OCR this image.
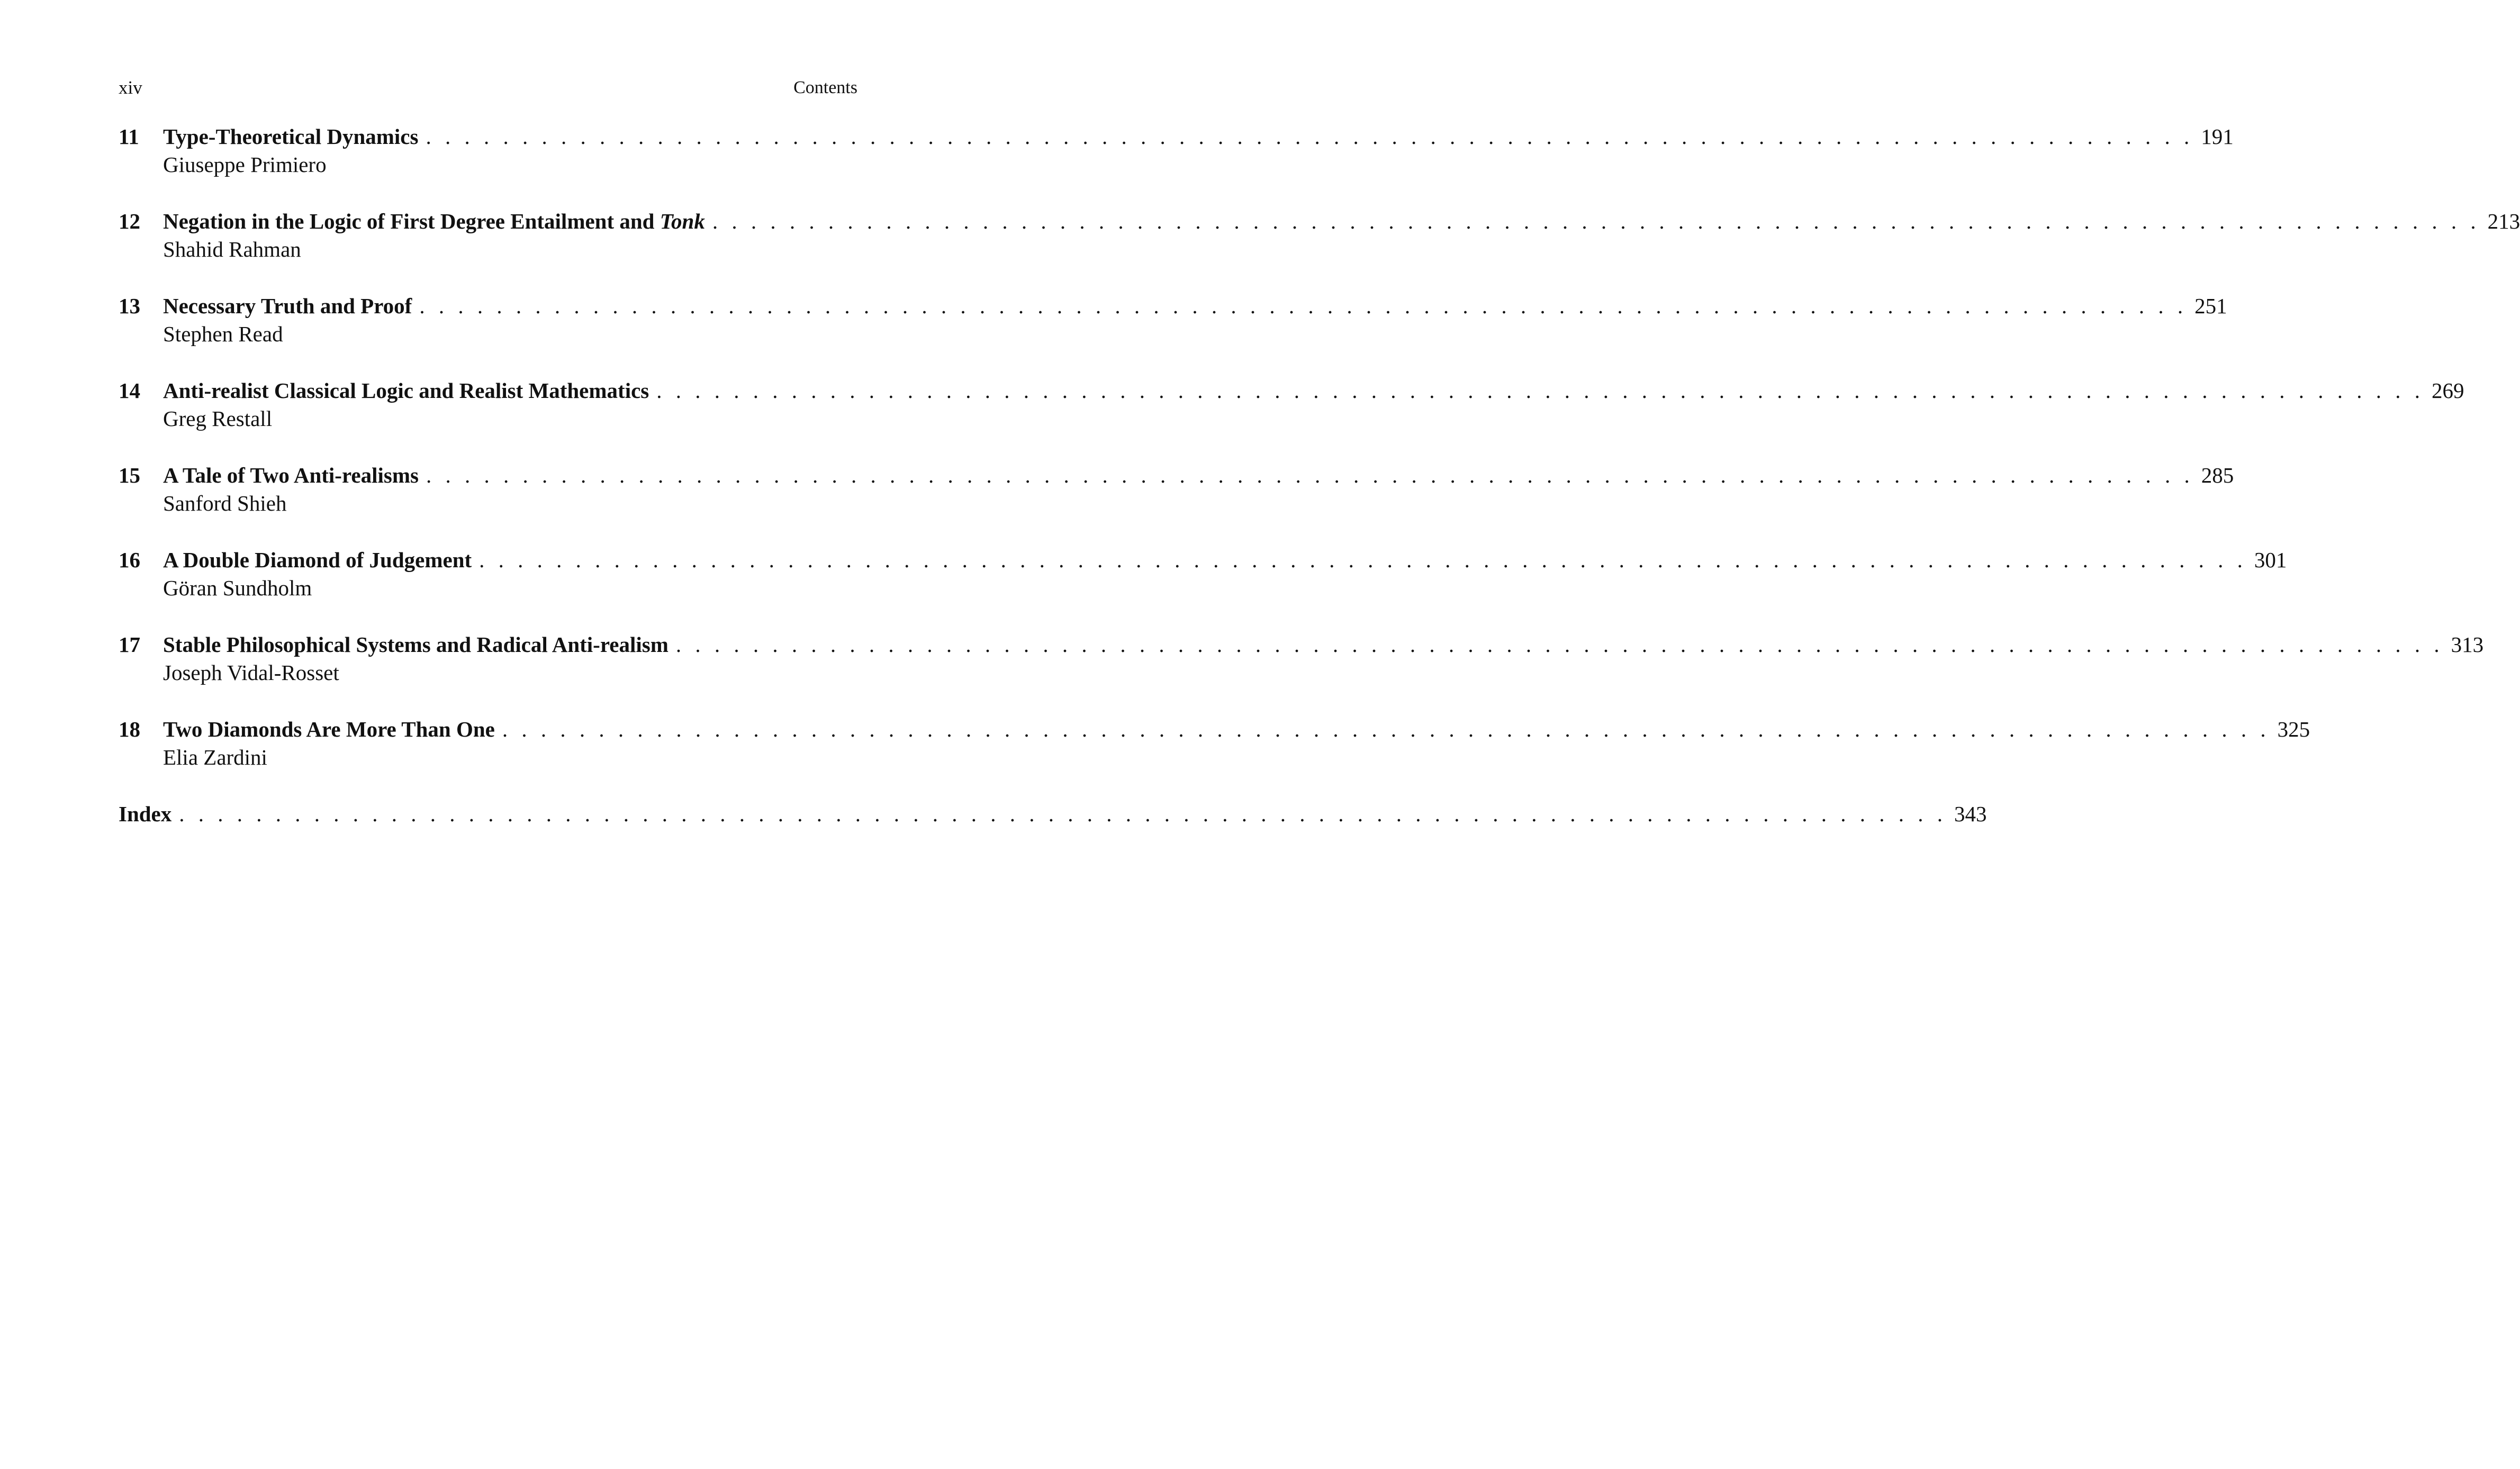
xiv	Contents
11	Type-Theoretical Dynamics . . . . . . . . . . . . . . . . . . . . . . . . . . . . . . . . . . . . . . . . . . . . . . . . . . . . . . . . . . . . . . . . . . . . . . . . . . . . . . . . . . . . . . . . . . . . 191
Giuseppe Primiero
12	Negation in the Logic of First Degree Entailment and Tonk . . . . . . . . . . . . . . . . . . . . . . . . . . . . . . . . . . . . . . . . . . . . . . . . . . . . . . . . . . . . . . . . . . . . . . . . . . . . . . . . . . . . . . . . . . . . 213
Shahid Rahman
13	Necessary Truth and Proof . . . . . . . . . . . . . . . . . . . . . . . . . . . . . . . . . . . . . . . . . . . . . . . . . . . . . . . . . . . . . . . . . . . . . . . . . . . . . . . . . . . . . . . . . . . . 251
Stephen Read
14	Anti-realist Classical Logic and Realist Mathematics . . . . . . . . . . . . . . . . . . . . . . . . . . . . . . . . . . . . . . . . . . . . . . . . . . . . . . . . . . . . . . . . . . . . . . . . . . . . . . . . . . . . . . . . . . . . 269
Greg Restall
15	A Tale of Two Anti-realisms . . . . . . . . . . . . . . . . . . . . . . . . . . . . . . . . . . . . . . . . . . . . . . . . . . . . . . . . . . . . . . . . . . . . . . . . . . . . . . . . . . . . . . . . . . . . 285
Sanford Shieh
16	A Double Diamond of Judgement . . . . . . . . . . . . . . . . . . . . . . . . . . . . . . . . . . . . . . . . . . . . . . . . . . . . . . . . . . . . . . . . . . . . . . . . . . . . . . . . . . . . . . . . . . . . 301
Göran Sundholm
17	Stable Philosophical Systems and Radical Anti-realism . . . . . . . . . . . . . . . . . . . . . . . . . . . . . . . . . . . . . . . . . . . . . . . . . . . . . . . . . . . . . . . . . . . . . . . . . . . . . . . . . . . . . . . . . . . . 313
Joseph Vidal-Rosset
18	Two Diamonds Are More Than One . . . . . . . . . . . . . . . . . . . . . . . . . . . . . . . . . . . . . . . . . . . . . . . . . . . . . . . . . . . . . . . . . . . . . . . . . . . . . . . . . . . . . . . . . . . . 325
Elia Zardini
Index . . . . . . . . . . . . . . . . . . . . . . . . . . . . . . . . . . . . . . . . . . . . . . . . . . . . . . . . . . . . . . . . . . . . . . . . . . . . . . . . . . . . . . . . . . . . 343
